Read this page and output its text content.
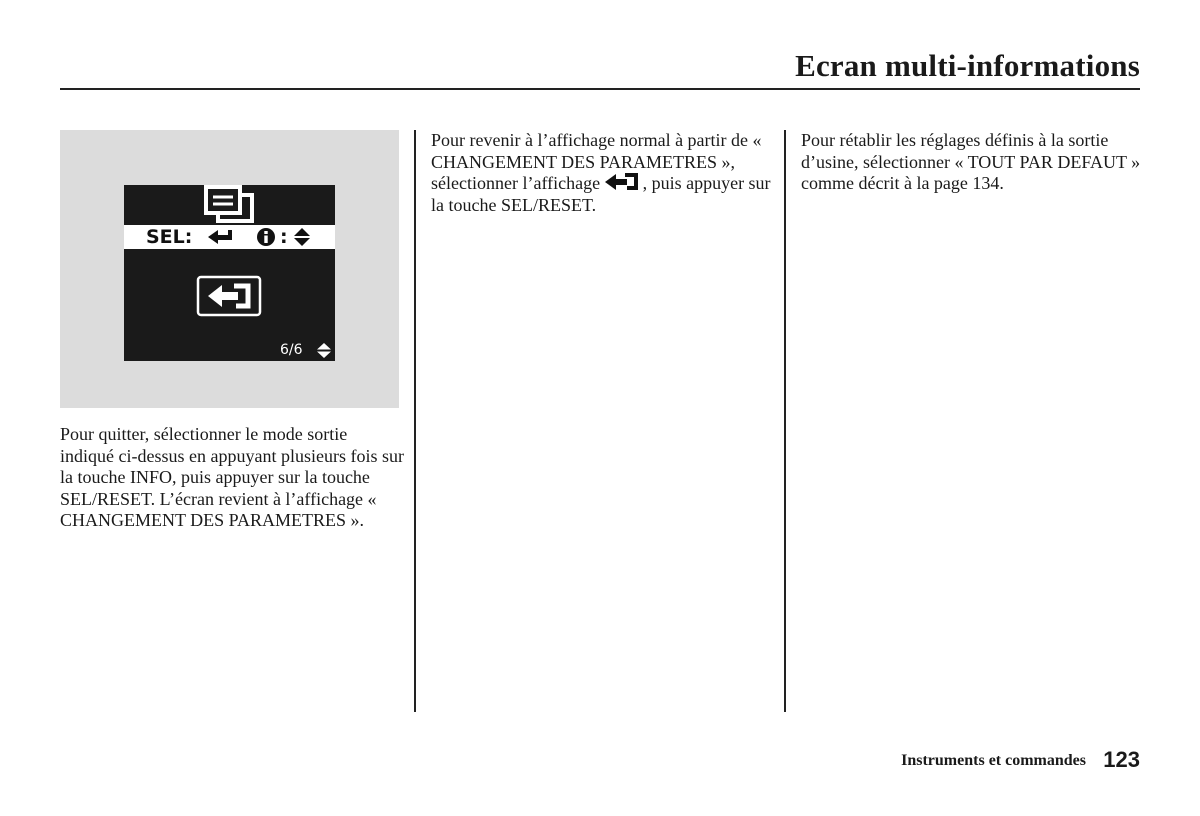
Ecran multi-informations
SEL:	:
6/6
Pour quitter, sélectionner le mode sortie indiqué ci-dessus en appuyant plusieurs fois sur la touche INFO, puis appuyer sur la touche SEL/RESET. L’écran revient à l’affichage « CHANGEMENT DES PARAMETRES ».
Pour revenir à l’affichage normal à partir de « CHANGEMENT DES PARAMETRES », sélectionner l’affichage , puis appuyer sur la touche SEL/RESET.
Pour rétablir les réglages définis à la sortie d’usine, sélectionner « TOUT PAR DEFAUT » comme décrit à la page 134.
Instruments et commandes 123
